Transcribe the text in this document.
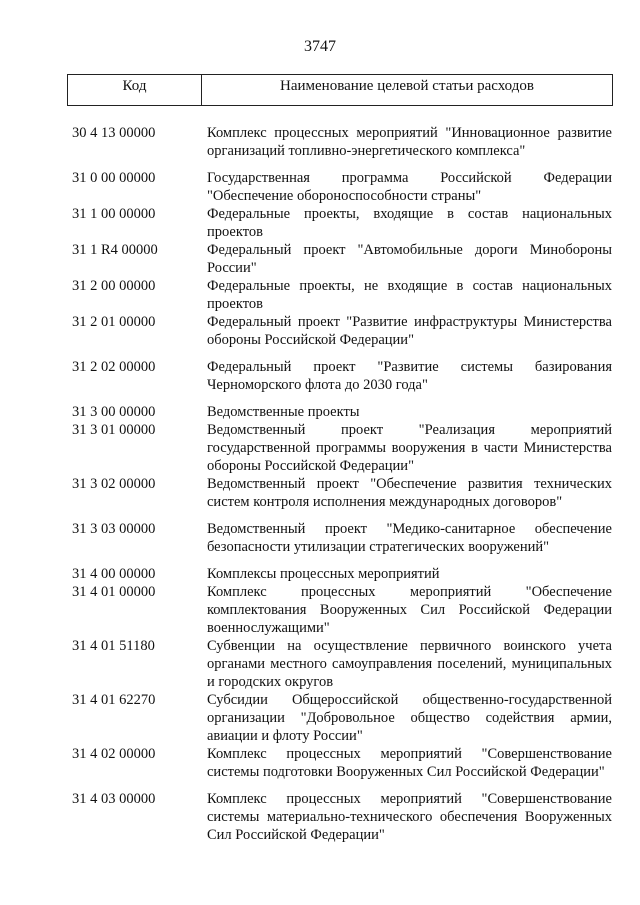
3747
Код	Наименование целевой статьи расходов
30 4 13 00000	Комплекс процессных мероприятий "Инновационное развитие организаций топливно-энергетического комплекса"
31 0 00 00000	Государственная программа Российской Федерации "Обеспечение обороноспособности страны"
31 1 00 00000	Федеральные проекты, входящие в состав национальных проектов
31 1 R4 00000	Федеральный проект "Автомобильные дороги Минобороны России"
31 2 00 00000	Федеральные проекты, не входящие в состав национальных проектов
31 2 01 00000	Федеральный проект "Развитие инфраструктуры Министерства обороны Российской Федерации"
31 2 02 00000	Федеральный проект "Развитие системы базирования Черноморского флота до 2030 года"
31 3 00 00000	Ведомственные проекты
31 3 01 00000	Ведомственный проект "Реализация мероприятий государственной программы вооружения в части Министерства обороны Российской Федерации"
31 3 02 00000	Ведомственный проект "Обеспечение развития технических систем контроля исполнения международных договоров"
31 3 03 00000	Ведомственный проект "Медико-санитарное обеспечение безопасности утилизации стратегических вооружений"
31 4 00 00000	Комплексы процессных мероприятий
31 4 01 00000	Комплекс процессных мероприятий "Обеспечение комплектования Вооруженных Сил Российской Федерации военнослужащими"
31 4 01 51180	Субвенции на осуществление первичного воинского учета органами местного самоуправления поселений, муниципальных и городских округов
31 4 01 62270	Субсидии Общероссийской общественно-государственной организации "Добровольное общество содействия армии, авиации и флоту России"
31 4 02 00000	Комплекс процессных мероприятий "Совершенствование системы подготовки Вооруженных Сил Российской Федерации"
31 4 03 00000	Комплекс процессных мероприятий "Совершенствование системы материально-технического обеспечения Вооруженных Сил Российской Федерации"
